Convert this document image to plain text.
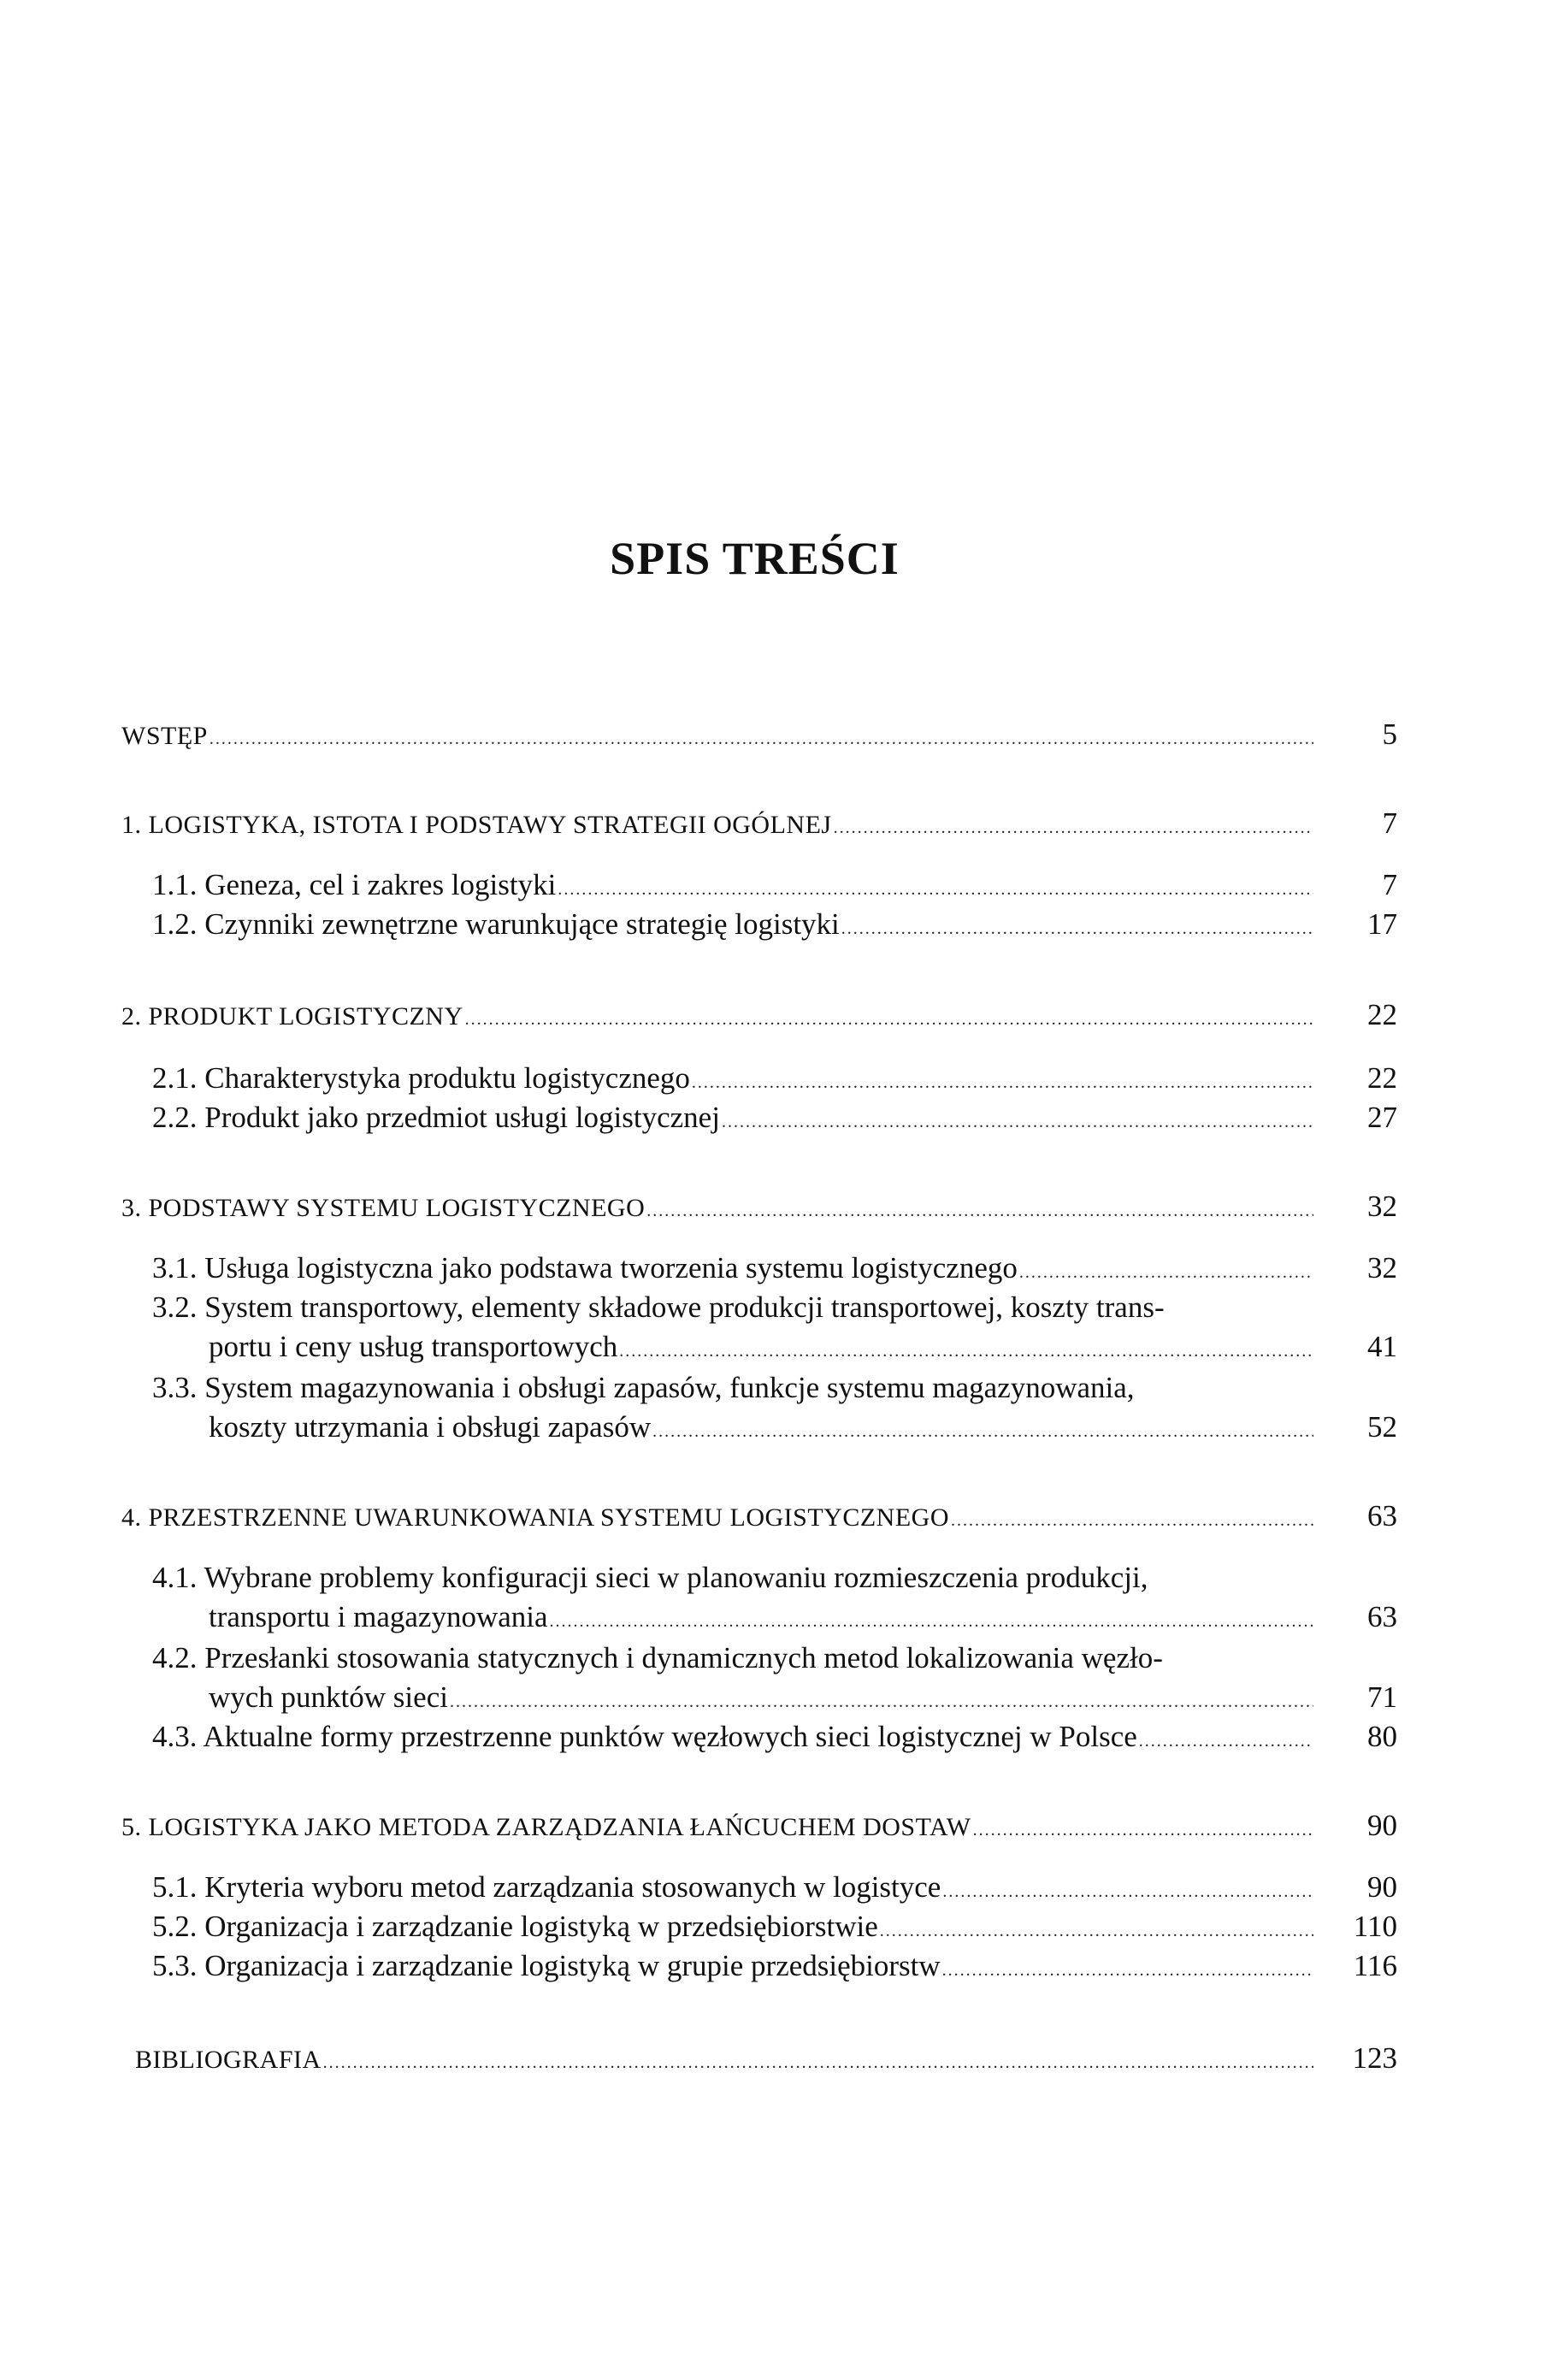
SPIS TREŚCI
WSTĘP .....	5
1. LOGISTYKA, ISTOTA I PODSTAWY STRATEGII OGÓLNEJ .....	7
1.1. Geneza, cel i zakres logistyki .....	7
1.2. Czynniki zewnętrzne warunkujące strategię logistyki .....	17
2. PRODUKT LOGISTYCZNY .....	22
2.1. Charakterystyka produktu logistycznego .....	22
2.2. Produkt jako przedmiot usługi logistycznej .....	27
3. PODSTAWY SYSTEMU LOGISTYCZNEGO .....	32
3.1. Usługa logistyczna jako podstawa tworzenia systemu logistycznego .....	32
3.2. System transportowy, elementy składowe produkcji transportowej, koszty trans-
portu i ceny usług transportowych .....	41
3.3. System magazynowania i obsługi zapasów, funkcje systemu magazynowania,
koszty utrzymania i obsługi zapasów .....	52
4. PRZESTRZENNE UWARUNKOWANIA SYSTEMU LOGISTYCZNEGO .....	63
4.1. Wybrane problemy konfiguracji sieci w planowaniu rozmieszczenia produkcji,
transportu i magazynowania .....	63
4.2. Przesłanki stosowania statycznych i dynamicznych metod lokalizowania węzło-
wych punktów sieci .....	71
4.3. Aktualne formy przestrzenne punktów węzłowych sieci logistycznej w Polsce .....	80
5. LOGISTYKA JAKO METODA ZARZĄDZANIA ŁAŃCUCHEM DOSTAW .....	90
5.1. Kryteria wyboru metod zarządzania stosowanych w logistyce .....	90
5.2. Organizacja i zarządzanie logistyką w przedsiębiorstwie .....	110
5.3. Organizacja i zarządzanie logistyką w grupie przedsiębiorstw .....	116
BIBLIOGRAFIA .....	123
